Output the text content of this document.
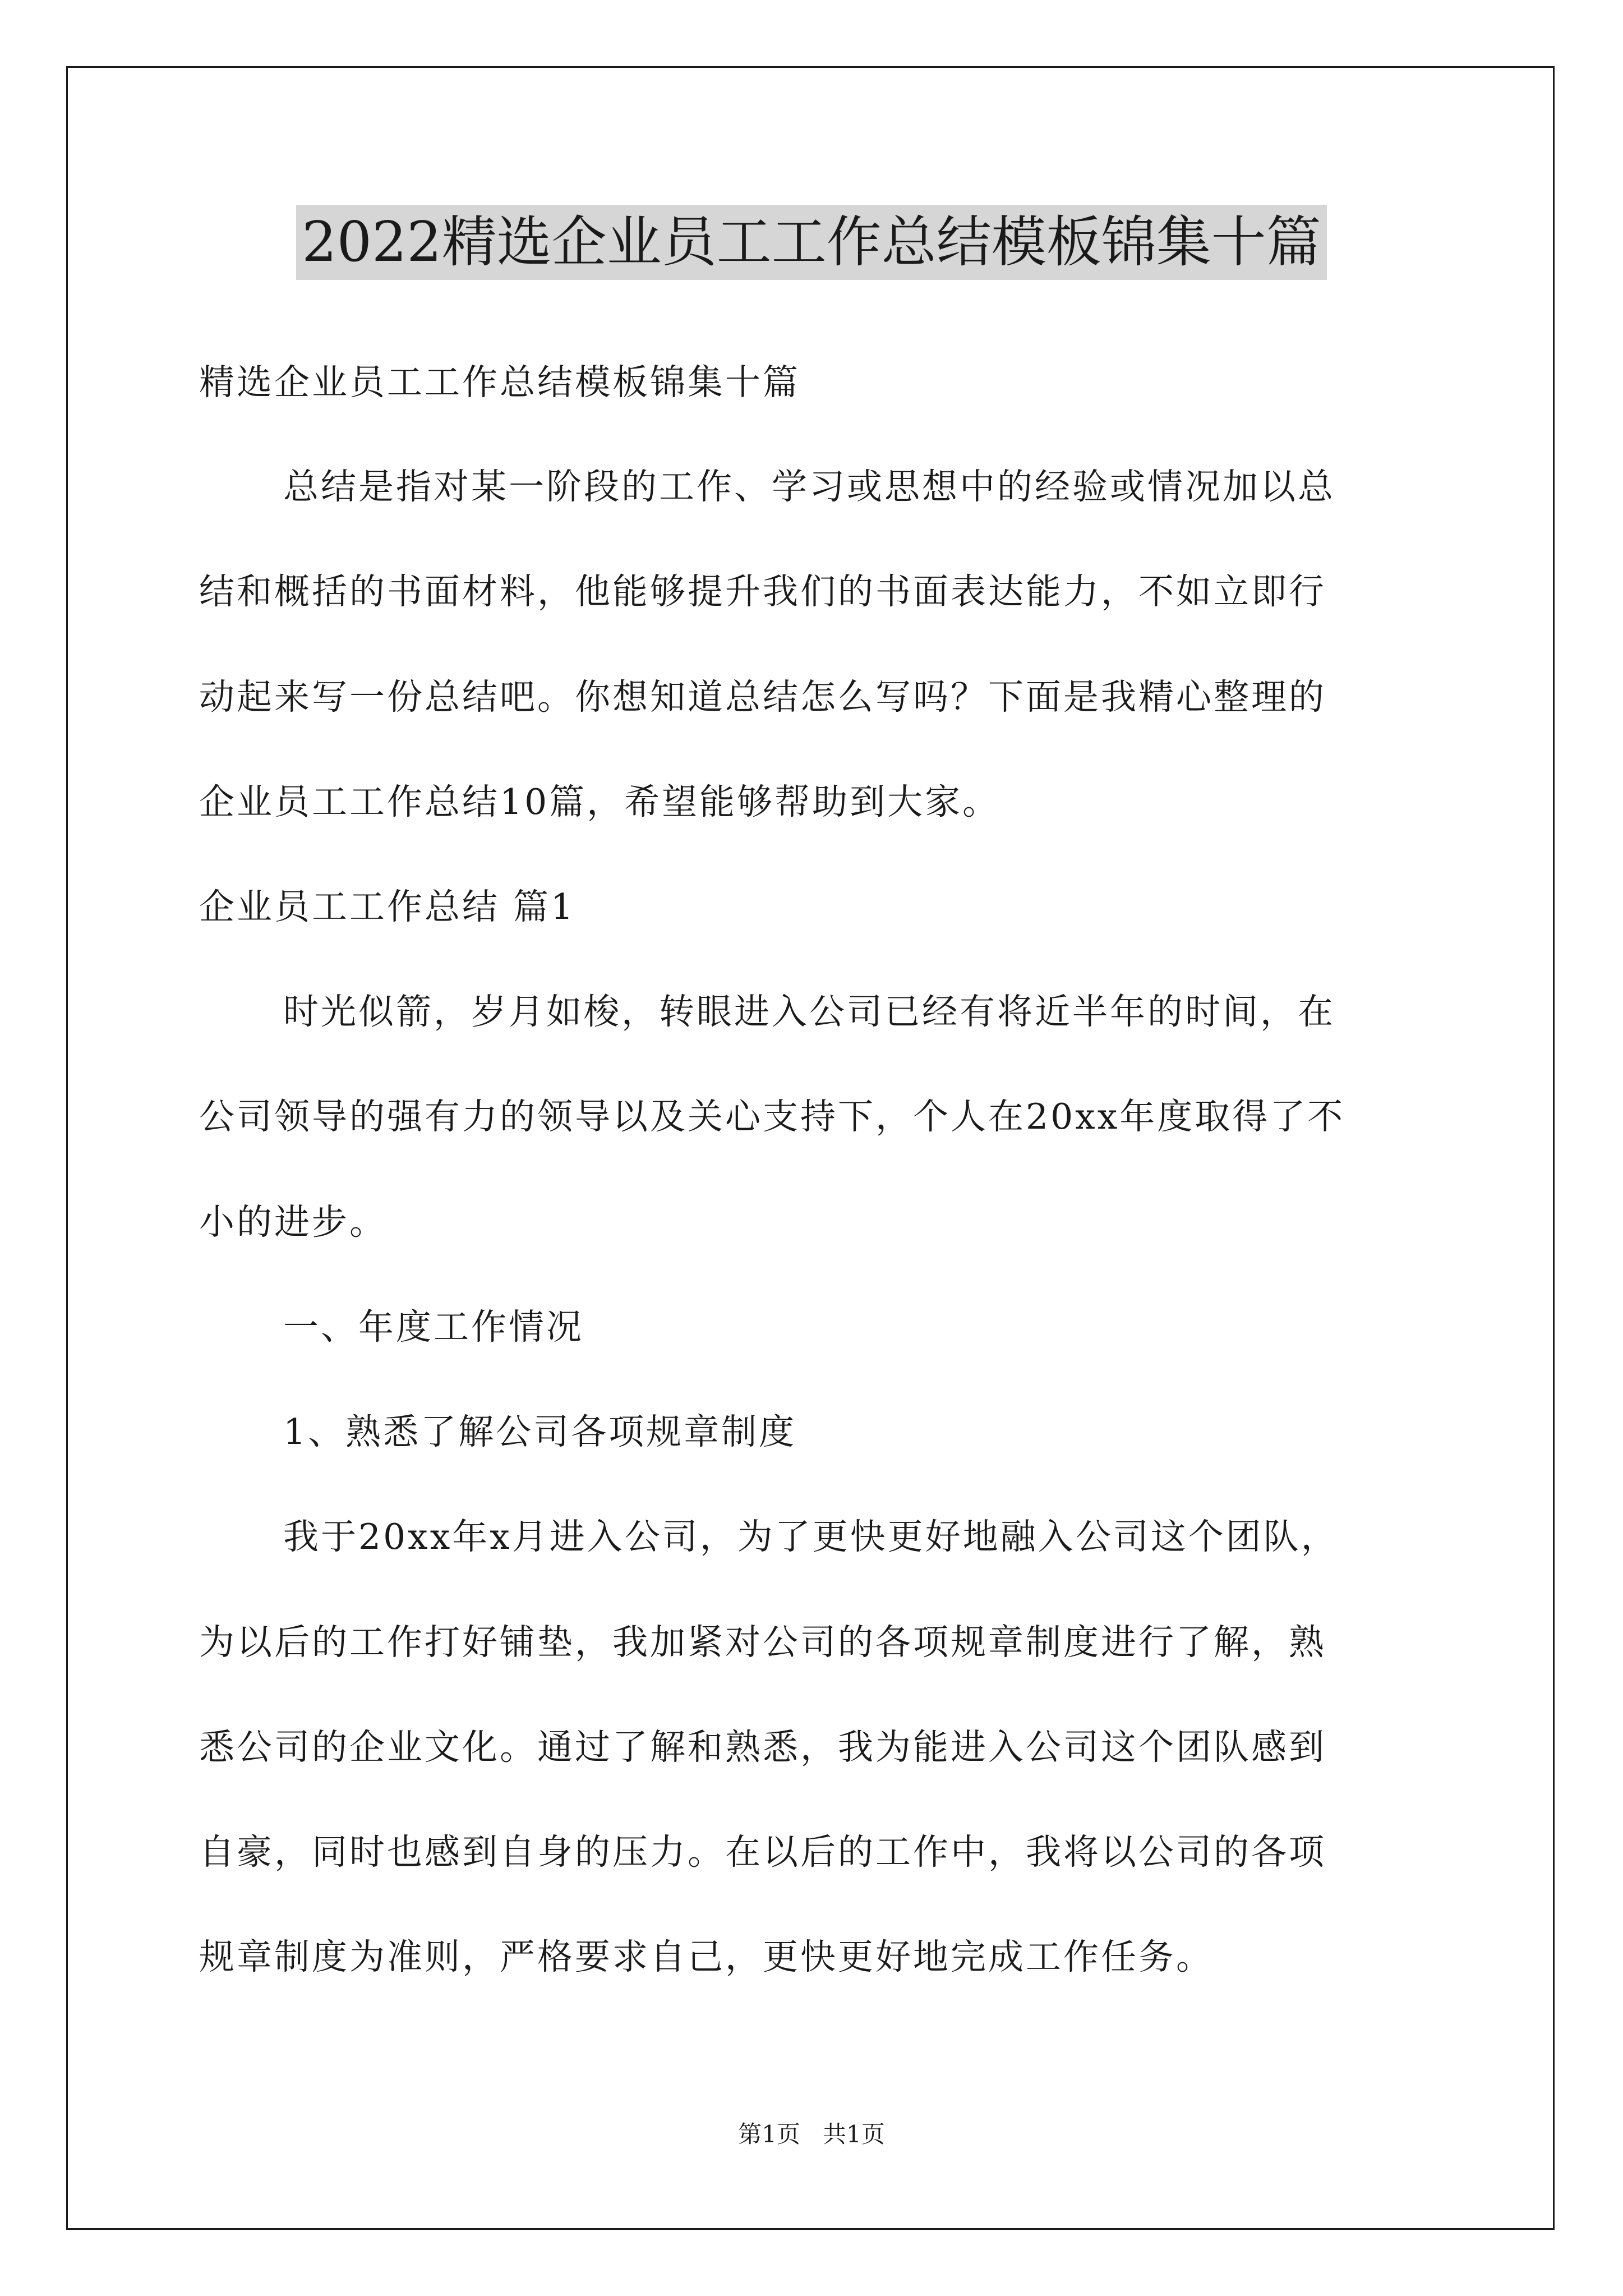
2022精选企业员工工作总结模板锦集十篇
精选企业员工工作总结模板锦集十篇
总结是指对某一阶段的工作、学习或思想中的经验或情况加以总
结和概括的书面材料，他能够提升我们的书面表达能力，不如立即行
动起来写一份总结吧。你想知道总结怎么写吗？下面是我精心整理的
企业员工工作总结10篇，希望能够帮助到大家。
企业员工工作总结 篇1
时光似箭，岁月如梭，转眼进入公司已经有将近半年的时间，在
公司领导的强有力的领导以及关心支持下，个人在20xx年度取得了不
小的进步。
一、年度工作情况
1、熟悉了解公司各项规章制度
我于20xx年x月进入公司，为了更快更好地融入公司这个团队，
为以后的工作打好铺垫，我加紧对公司的各项规章制度进行了解，熟
悉公司的企业文化。通过了解和熟悉，我为能进入公司这个团队感到
自豪，同时也感到自身的压力。在以后的工作中，我将以公司的各项
规章制度为准则，严格要求自己，更快更好地完成工作任务。
第1页   共1页
